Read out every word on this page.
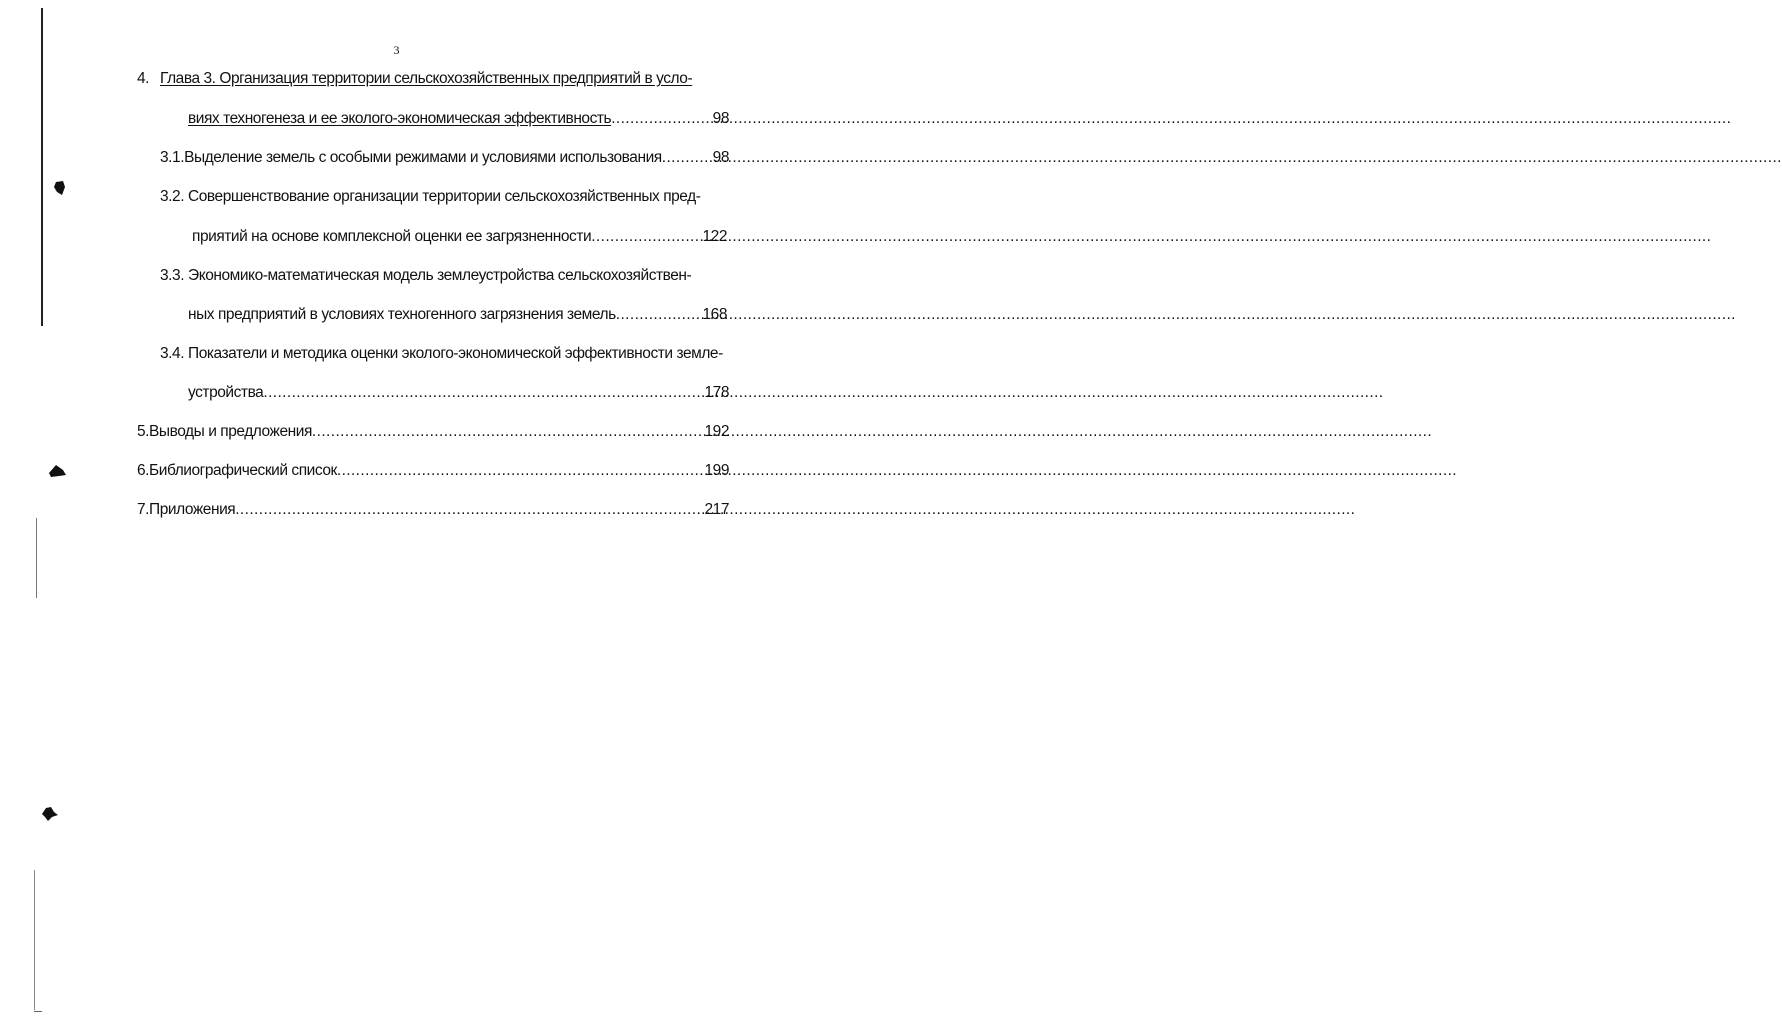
3
4. Глава 3. Организация территории сельскохозяйственных предприятий в усло-
виях техногенеза и ее эколого-экономическая эффективность .....	98
3.1. Выделение земель с особыми режимами и условиями использования .....	98
3.2. Совершенствование организации территории сельскохозяйственных пред-
приятий на основе комплексной оценки ее загрязненности .....	122
3.3. Экономико-математическая модель землеустройства сельскохозяйствен-
ных предприятий в условиях техногенного загрязнения земель .....	168
3.4. Показатели и методика оценки эколого-экономической эффективности земле-
устройства .....	178
5. Выводы и предложения .....	192
6. Библиографический список .....	199
7. Приложения .....	217
